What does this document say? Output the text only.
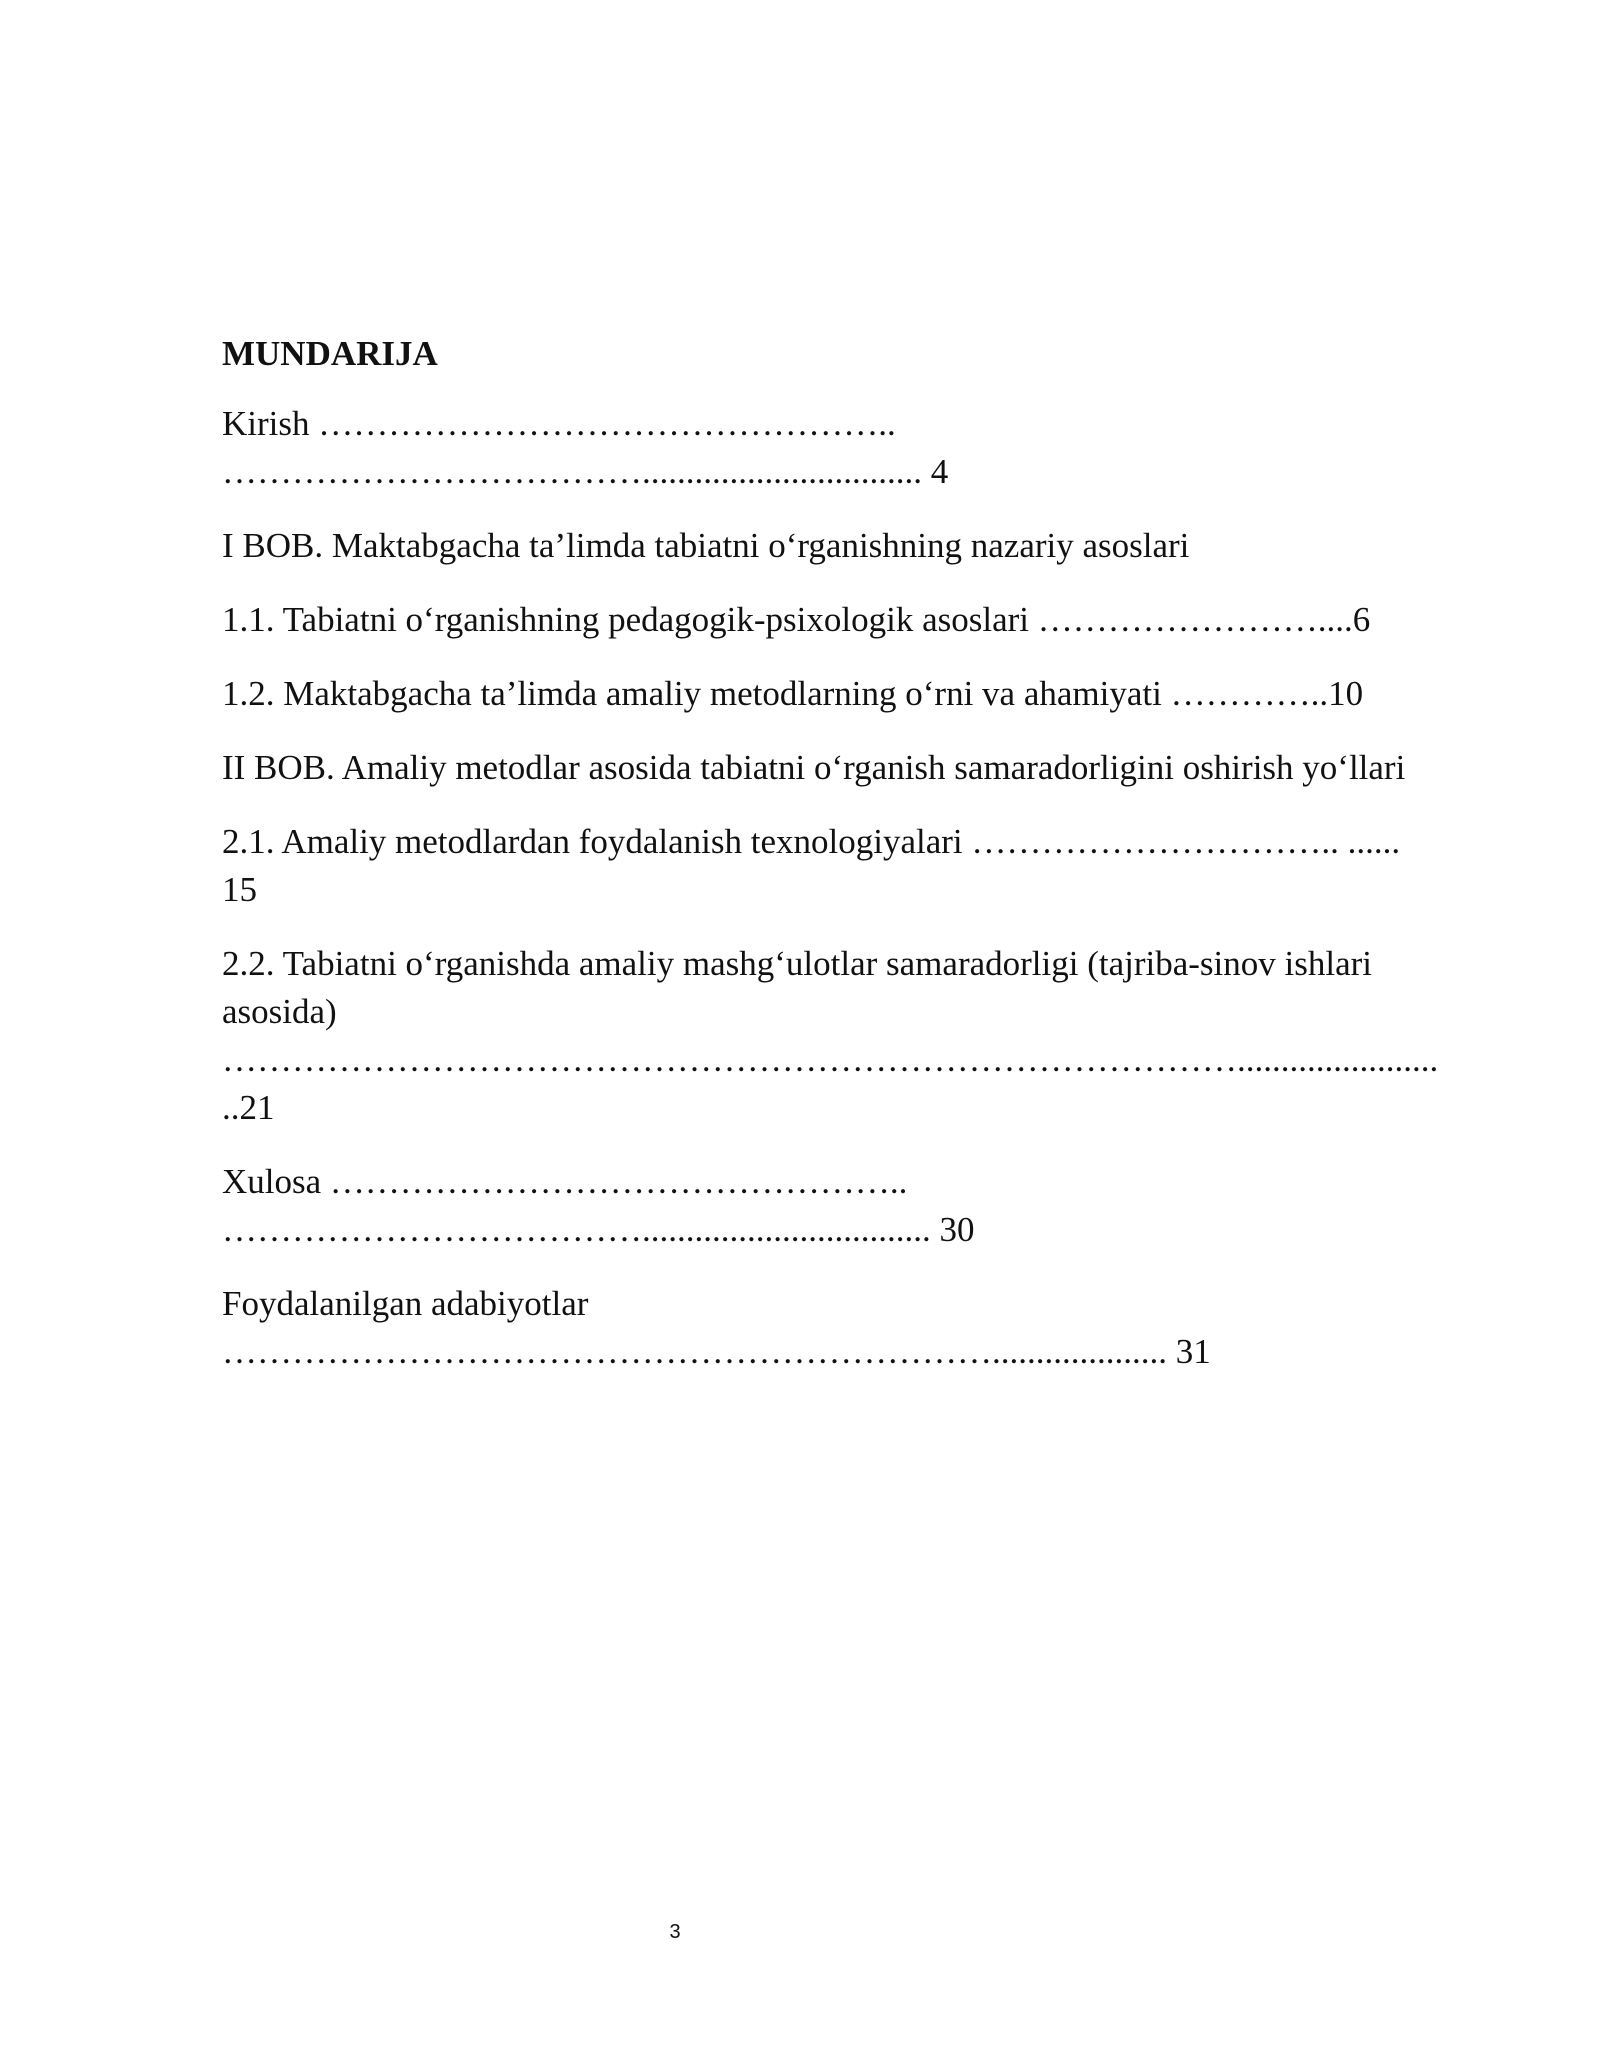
MUNDARIJA

Kirish …………………………………………..

………………………………................................ 4

I BOB. Maktabgacha ta’limda tabiatni o‘rganishning nazariy asoslari

1.1. Tabiatni o‘rganishning pedagogik-psixologik asoslari ……………………....6

1.2. Maktabgacha ta’limda amaliy metodlarning o‘rni va ahamiyati …………..10

II BOB. Amaliy metodlar asosida tabiatni o‘rganish samaradorligini oshirish yo‘llari

2.1. Amaliy metodlardan foydalanish texnologiyalari ………………………….. ......

15

2.2. Tabiatni o‘rganishda amaliy mashg‘ulotlar samaradorligi (tajriba-sinov ishlari

asosida)

…………………………………………………………………………….......................

..21

Xulosa …………………………………………..

………………………………................................. 30

Foydalanilgan adabiyotlar

………………………………………………………….................... 31

3
